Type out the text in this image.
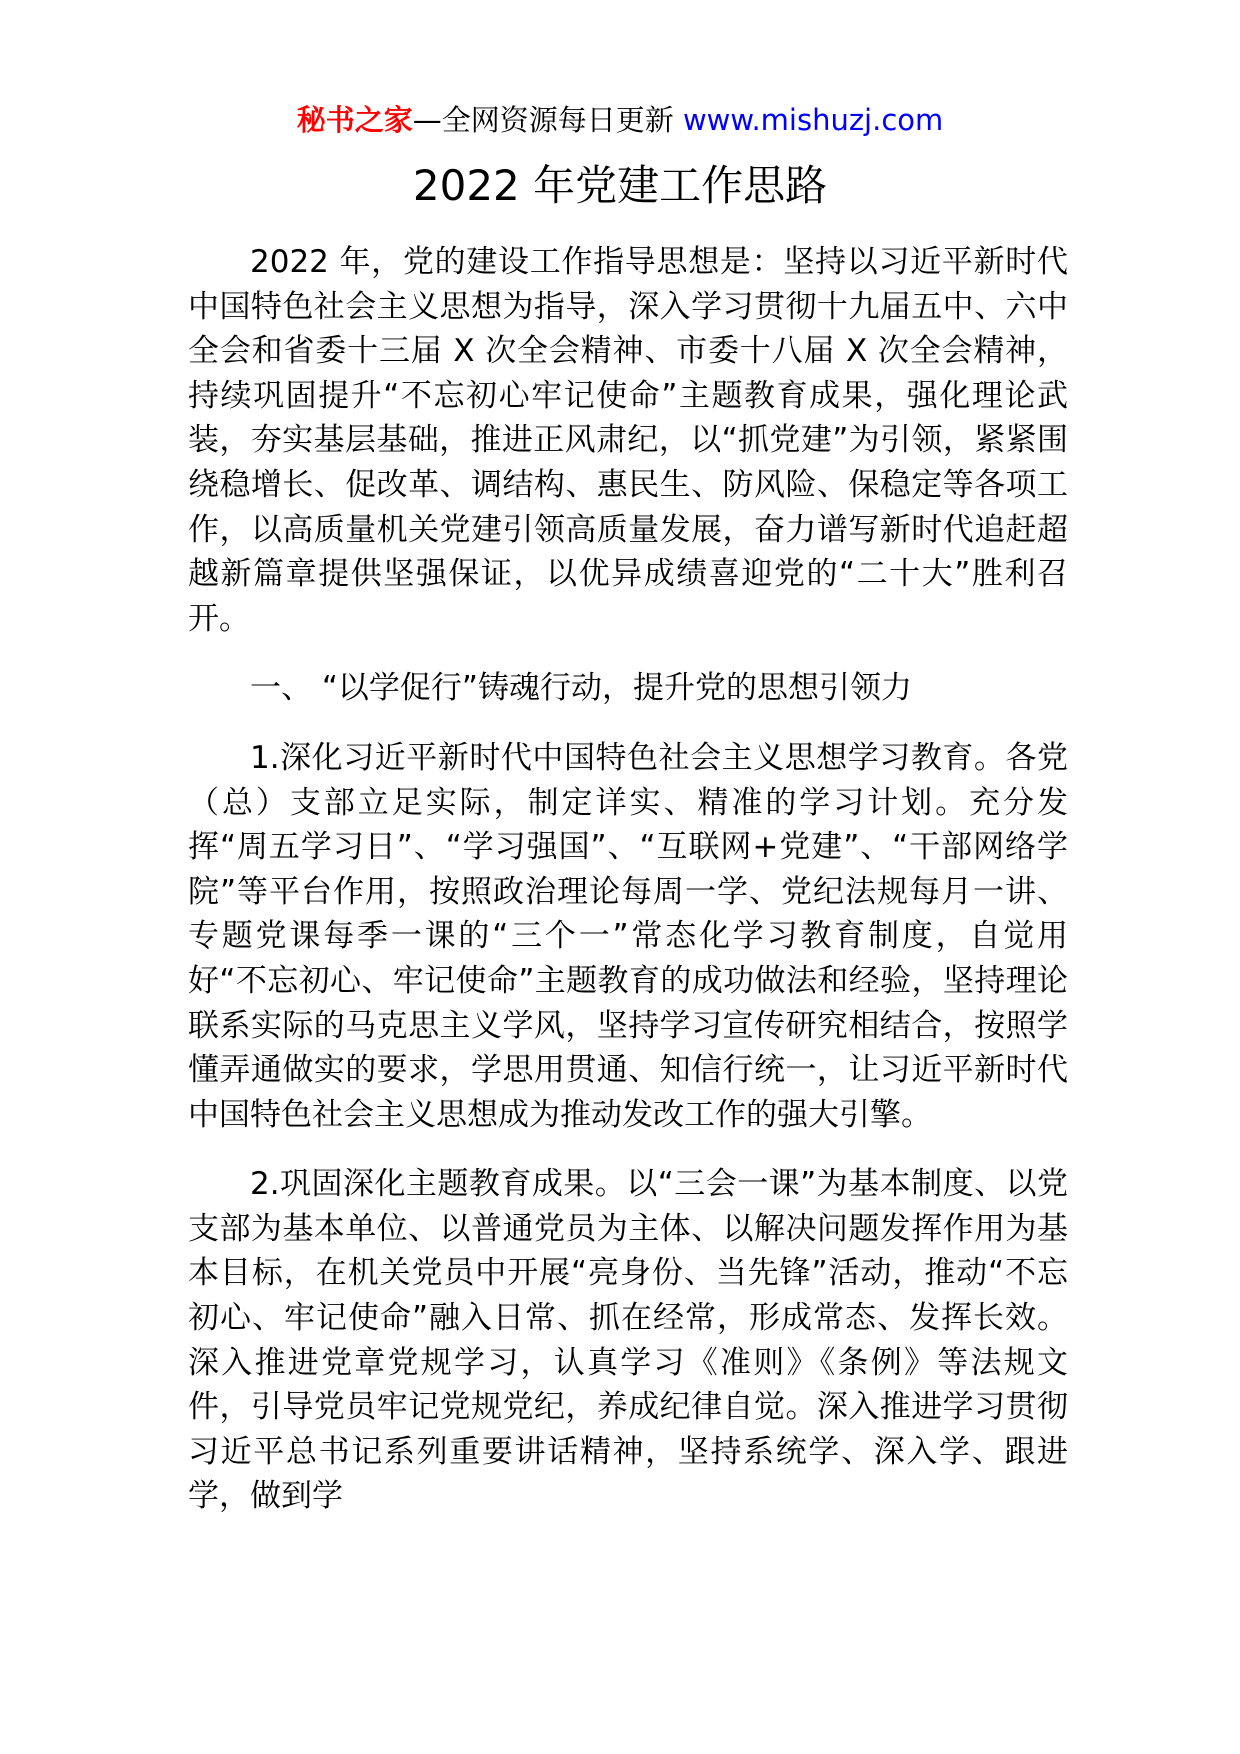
秘书之家—全网资源每日更新 www.mishuzj.com
2022 年党建工作思路

2022 年，党的建设工作指导思想是：坚持以习近平新时代中国特色社会主义思想为指导，深入学习贯彻十九届五中、六中全会和省委十三届 X 次全会精神、市委十八届 X 次全会精神，持续巩固提升“不忘初心牢记使命”主题教育成果，强化理论武装，夯实基层基础，推进正风肃纪，以“抓党建”为引领，紧紧围绕稳增长、促改革、调结构、惠民生、防风险、保稳定等各项工作，以高质量机关党建引领高质量发展，奋力谱写新时代追赶超越新篇章提供坚强保证，以优异成绩喜迎党的“二十大”胜利召开。

一、 “以学促行”铸魂行动，提升党的思想引领力

1.深化习近平新时代中国特色社会主义思想学习教育。各党（总）支部立足实际，制定详实、精准的学习计划。充分发挥“周五学习日”、“学习强国”、“互联网+党建”、“干部网络学院”等平台作用，按照政治理论每周一学、党纪法规每月一讲、专题党课每季一课的“三个一”常态化学习教育制度，自觉用好“不忘初心、牢记使命”主题教育的成功做法和经验，坚持理论联系实际的马克思主义学风，坚持学习宣传研究相结合，按照学懂弄通做实的要求，学思用贯通、知信行统一，让习近平新时代中国特色社会主义思想成为推动发改工作的强大引擎。

2.巩固深化主题教育成果。以“三会一课”为基本制度、以党支部为基本单位、以普通党员为主体、以解决问题发挥作用为基本目标，在机关党员中开展“亮身份、当先锋”活动，推动“不忘初心、牢记使命”融入日常、抓在经常，形成常态、发挥长效。深入推进党章党规学习，认真学习《准则》《条例》等法规文件，引导党员牢记党规党纪，养成纪律自觉。深入推进学习贯彻习近平总书记系列重要讲话精神，坚持系统学、深入学、跟进学，做到学
